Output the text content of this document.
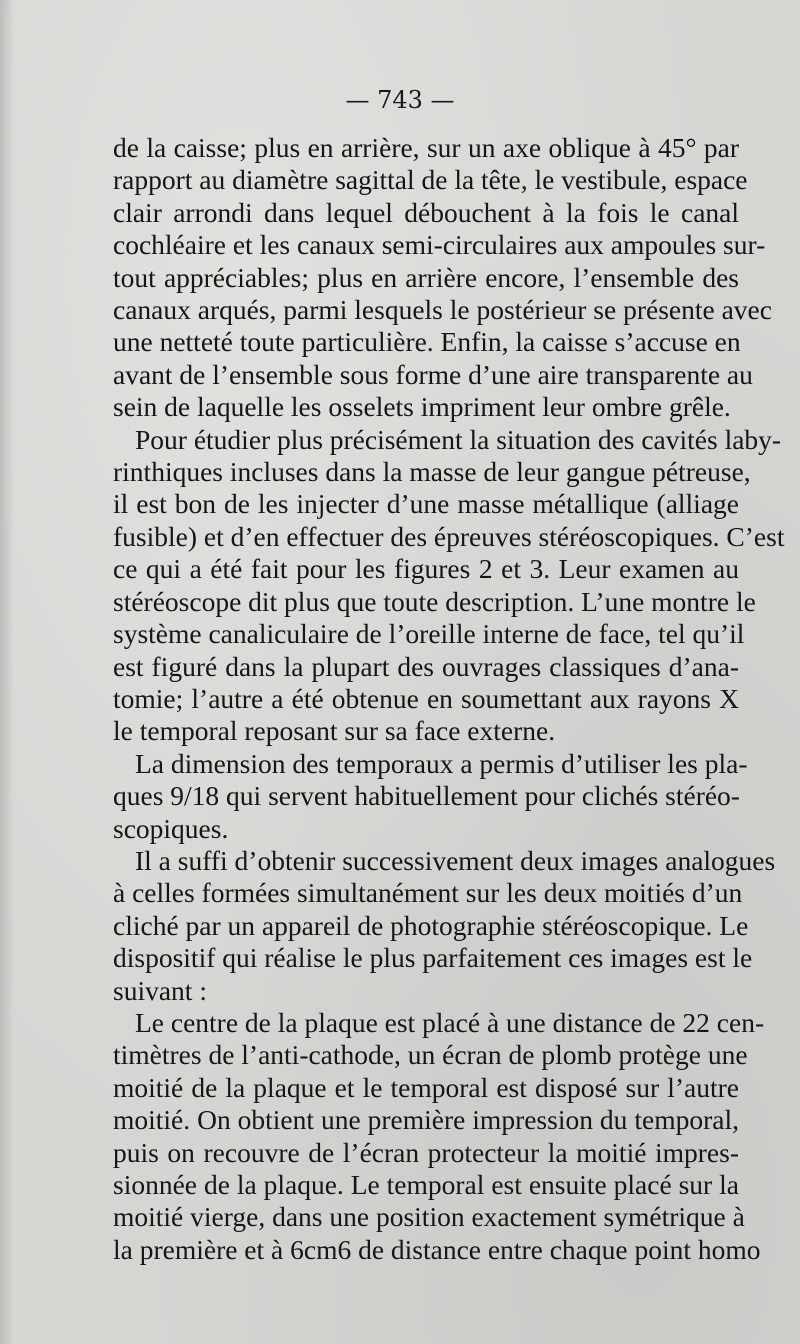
— 743 —

de la caisse; plus en arrière, sur un axe oblique à 45° par
rapport au diamètre sagittal de la tête, le vestibule, espace
clair arrondi dans lequel débouchent à la fois le canal
cochléaire et les canaux semi-circulaires aux ampoules sur-
tout appréciables; plus en arrière encore, l’ensemble des
canaux arqués, parmi lesquels le postérieur se présente avec
une netteté toute particulière. Enfin, la caisse s’accuse en
avant de l’ensemble sous forme d’une aire transparente au
sein de laquelle les osselets impriment leur ombre grêle.

Pour étudier plus précisément la situation des cavités laby-
rinthiques incluses dans la masse de leur gangue pétreuse,
il est bon de les injecter d’une masse métallique (alliage
fusible) et d’en effectuer des épreuves stéréoscopiques. C’est
ce qui a été fait pour les figures 2 et 3. Leur examen au
stéréoscope dit plus que toute description. L’une montre le
système canaliculaire de l’oreille interne de face, tel qu’il
est figuré dans la plupart des ouvrages classiques d’ana-
tomie; l’autre a été obtenue en soumettant aux rayons X
le temporal reposant sur sa face externe.

La dimension des temporaux a permis d’utiliser les pla-
ques 9/18 qui servent habituellement pour clichés stéréo-
scopiques.

Il a suffi d’obtenir successivement deux images analogues
à celles formées simultanément sur les deux moitiés d’un
cliché par un appareil de photographie stéréoscopique. Le
dispositif qui réalise le plus parfaitement ces images est le
suivant :

Le centre de la plaque est placé à une distance de 22 cen-
timètres de l’anti-cathode, un écran de plomb protège une
moitié de la plaque et le temporal est disposé sur l’autre
moitié. On obtient une première impression du temporal,
puis on recouvre de l’écran protecteur la moitié impres-
sionnée de la plaque. Le temporal est ensuite placé sur la
moitié vierge, dans une position exactement symétrique à
la première et à 6cm6 de distance entre chaque point homo
